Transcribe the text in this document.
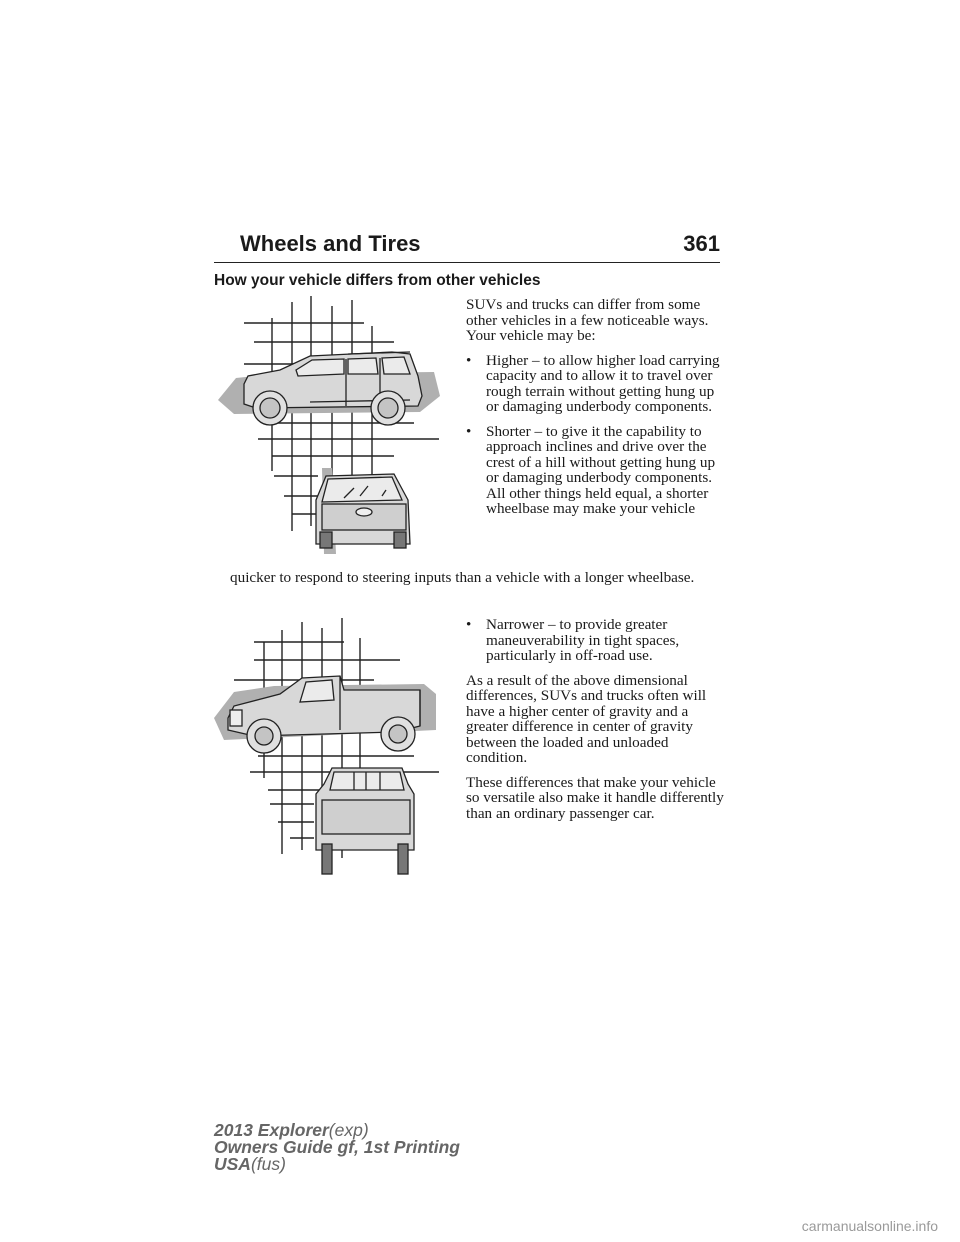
361
Wheels and Tires
How your vehicle differs from other vehicles

SUVs and trucks can differ from some other vehicles in a few noticeable ways. Your vehicle may be:

• Higher – to allow higher load carrying capacity and to allow it to travel over rough terrain without getting hung up or damaging underbody components.
• Shorter – to give it the capability to approach inclines and drive over the crest of a hill without getting hung up or damaging underbody components. All other things held equal, a shorter wheelbase may make your vehicle

quicker to respond to steering inputs than a vehicle with a longer wheelbase.

• Narrower – to provide greater maneuverability in tight spaces, particularly in off-road use.

As a result of the above dimensional differences, SUVs and trucks often will have a higher center of gravity and a greater difference in center of gravity between the loaded and unloaded condition.

These differences that make your vehicle so versatile also make it handle differently than an ordinary passenger car.

2013 Explorer(exp)
Owners Guide gf, 1st Printing
USA(fus)
carmanualsonline.info
